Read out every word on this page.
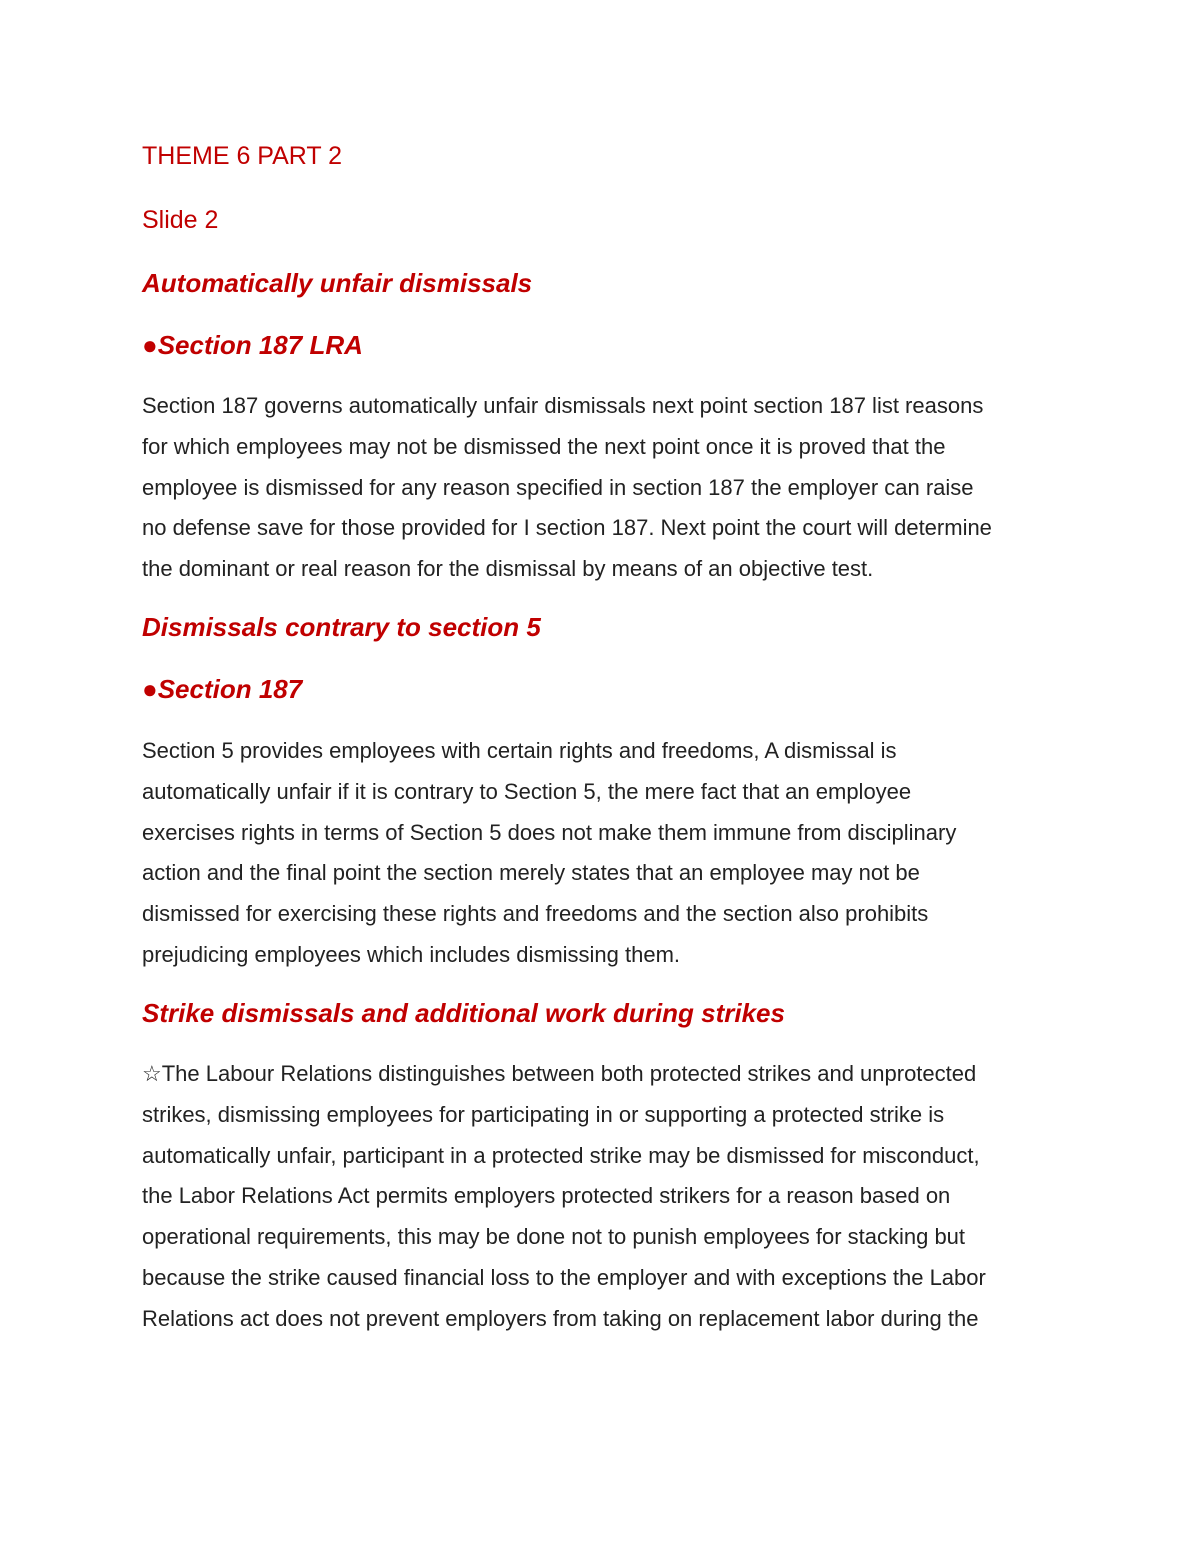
THEME 6 PART 2
Slide 2
Automatically unfair dismissals
●Section 187 LRA
Section 187 governs automatically unfair dismissals next point section 187 list reasons
for which employees may not be dismissed the next point once it is proved that the
employee is dismissed for any reason specified in section 187 the employer can raise
no defense save for those provided for I section 187. Next point the court will determine
the dominant or real reason for the dismissal by means of an objective test.
Dismissals contrary to section 5
●Section 187
Section 5 provides employees with certain rights and freedoms, A dismissal is
automatically unfair if it is contrary to Section 5, the mere fact that an employee
exercises rights in terms of Section 5 does not make them immune from disciplinary
action and the final point the section merely states that an employee may not be
dismissed for exercising these rights and freedoms and the section also prohibits
prejudicing employees which includes dismissing them.
Strike dismissals and additional work during strikes
☆The Labour Relations distinguishes between both protected strikes and unprotected
strikes, dismissing employees for participating in or supporting a protected strike is
automatically unfair, participant in a protected strike may be dismissed for misconduct,
the Labor Relations Act permits employers protected strikers for a reason based on
operational requirements, this may be done not to punish employees for stacking but
because the strike caused financial loss to the employer and with exceptions the Labor
Relations act does not prevent employers from taking on replacement labor during the
